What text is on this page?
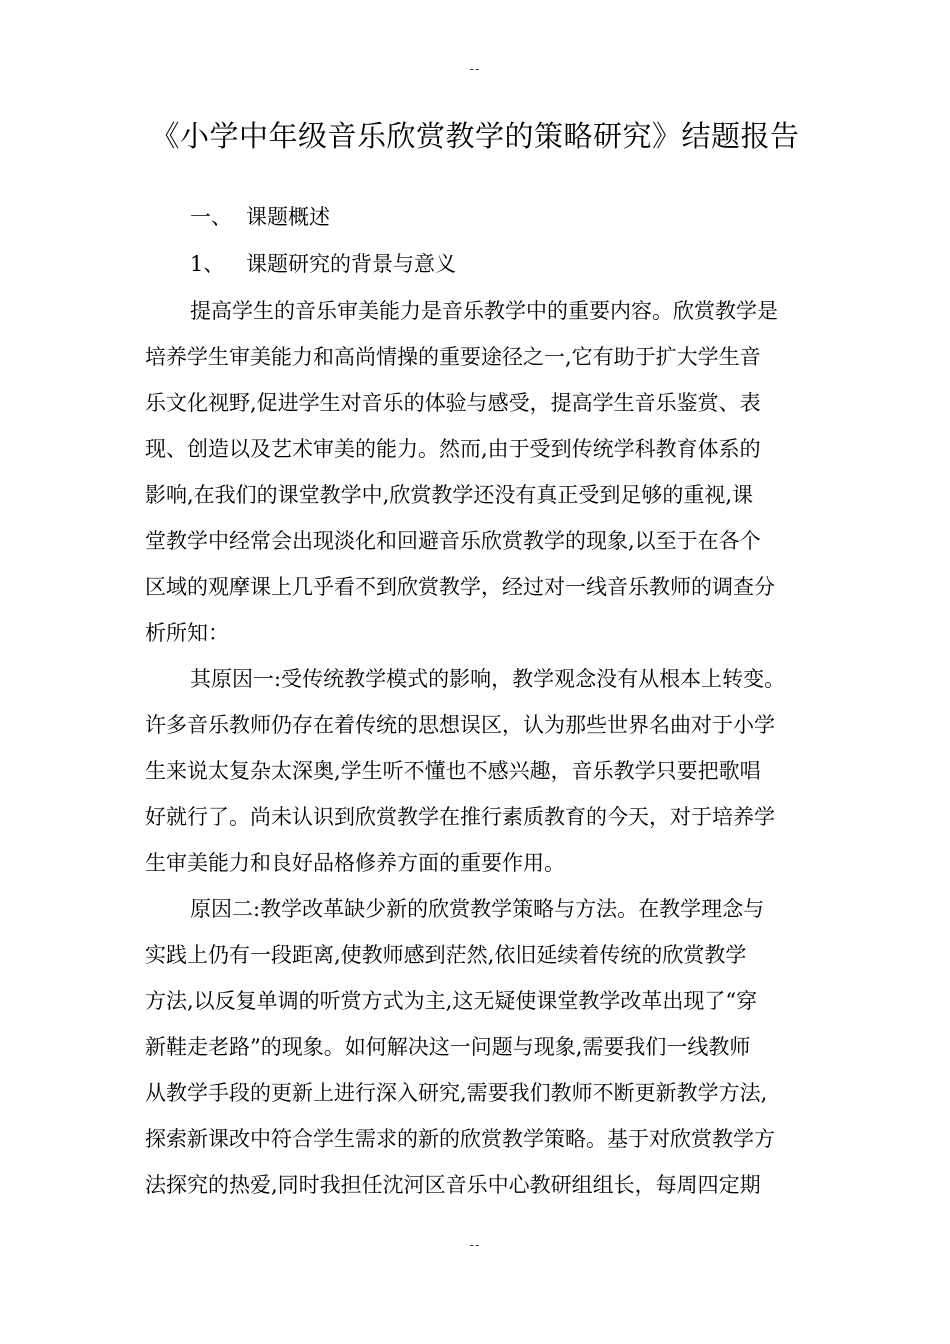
--
《小学中年级音乐欣赏教学的策略研究》结题报告
一、 课题概述
1、 课题研究的背景与意义
提高学生的音乐审美能力是音乐教学中的重要内容。欣赏教学是
培养学生审美能力和高尚情操的重要途径之一,它有助于扩大学生音
乐文化视野,促进学生对音乐的体验与感受，提高学生音乐鉴赏、表
现、创造以及艺术审美的能力。然而,由于受到传统学科教育体系的
影响,在我们的课堂教学中,欣赏教学还没有真正受到足够的重视,课
堂教学中经常会出现淡化和回避音乐欣赏教学的现象,以至于在各个
区域的观摩课上几乎看不到欣赏教学，经过对一线音乐教师的调查分
析所知：
其原因一:受传统教学模式的影响，教学观念没有从根本上转变。
许多音乐教师仍存在着传统的思想误区，认为那些世界名曲对于小学
生来说太复杂太深奥,学生听不懂也不感兴趣，音乐教学只要把歌唱
好就行了。尚未认识到欣赏教学在推行素质教育的今天，对于培养学
生审美能力和良好品格修养方面的重要作用。
原因二:教学改革缺少新的欣赏教学策略与方法。在教学理念与
实践上仍有一段距离,使教师感到茫然,依旧延续着传统的欣赏教学
方法,以反复单调的听赏方式为主,这无疑使课堂教学改革出现了“穿
新鞋走老路”的现象。如何解决这一问题与现象,需要我们一线教师
从教学手段的更新上进行深入研究,需要我们教师不断更新教学方法,
探索新课改中符合学生需求的新的欣赏教学策略。基于对欣赏教学方
法探究的热爱,同时我担任沈河区音乐中心教研组组长，每周四定期
--
